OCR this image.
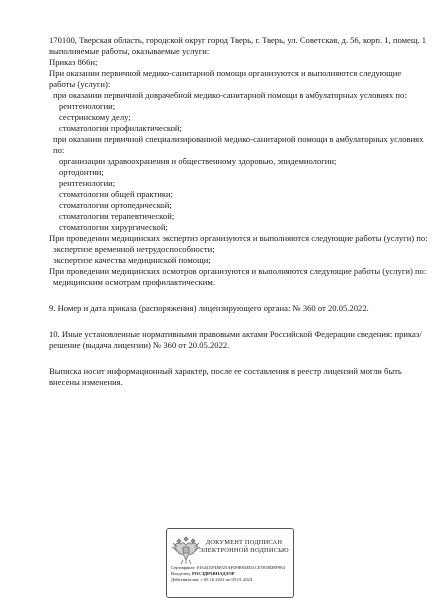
170100, Тверская область, городской округ город Тверь, г. Тверь, ул. Советская, д. 56, корп. 1, помещ. 1

выполняемые работы, оказываемые услуги:

Приказ 866н;

При оказании первичной медико-санитарной помощи организуются и выполняются следующие работы (услуги):

при оказании первичной доврачебной медико-санитарной помощи в амбулаторных условиях по:

рентгенологии;

сестринскому делу;

стоматологии профилактической;

при оказании первичной специализированной медико-санитарной помощи в амбулаторных условиях по:

организации здравоохранения и общественному здоровью, эпидемиологии;

ортодонтии;

рентгенологии;

стоматологии общей практики;

стоматологии ортопедической;

стоматологии терапевтической;

стоматологии хирургической;

При проведении медицинских экспертиз организуются и выполняются следующие работы (услуги) по:

экспертизе временной нетрудоспособности;

экспертизе качества медицинской помощи;

При проведении медицинских осмотров организуются и выполняются следующие работы (услуги) по:

медицинским осмотрам профилактическим.

9. Номер и дата приказа (распоряжения) лицензирующего органа: № 360 от 20.05.2022.

10. Иные установленные нормативными правовыми актами Российской Федерации сведения: приказ/решение (выдача лицензии) № 360 от 20.05.2022.

Выписка носит информационный характер, после ее составления в реестр лицензий могли быть внесены изменения.

ДОКУМЕНТ ПОДПИСАН
ЭЛЕКТРОННОЙ ПОДПИСЬЮ
Сертификат: 01644I1FD0025AFD9B94ED1CE5058D8F984
Владелец: РОСЗДРАВНАДЗОР
Действителен: с 05.10.2022 по 05.01.2024
